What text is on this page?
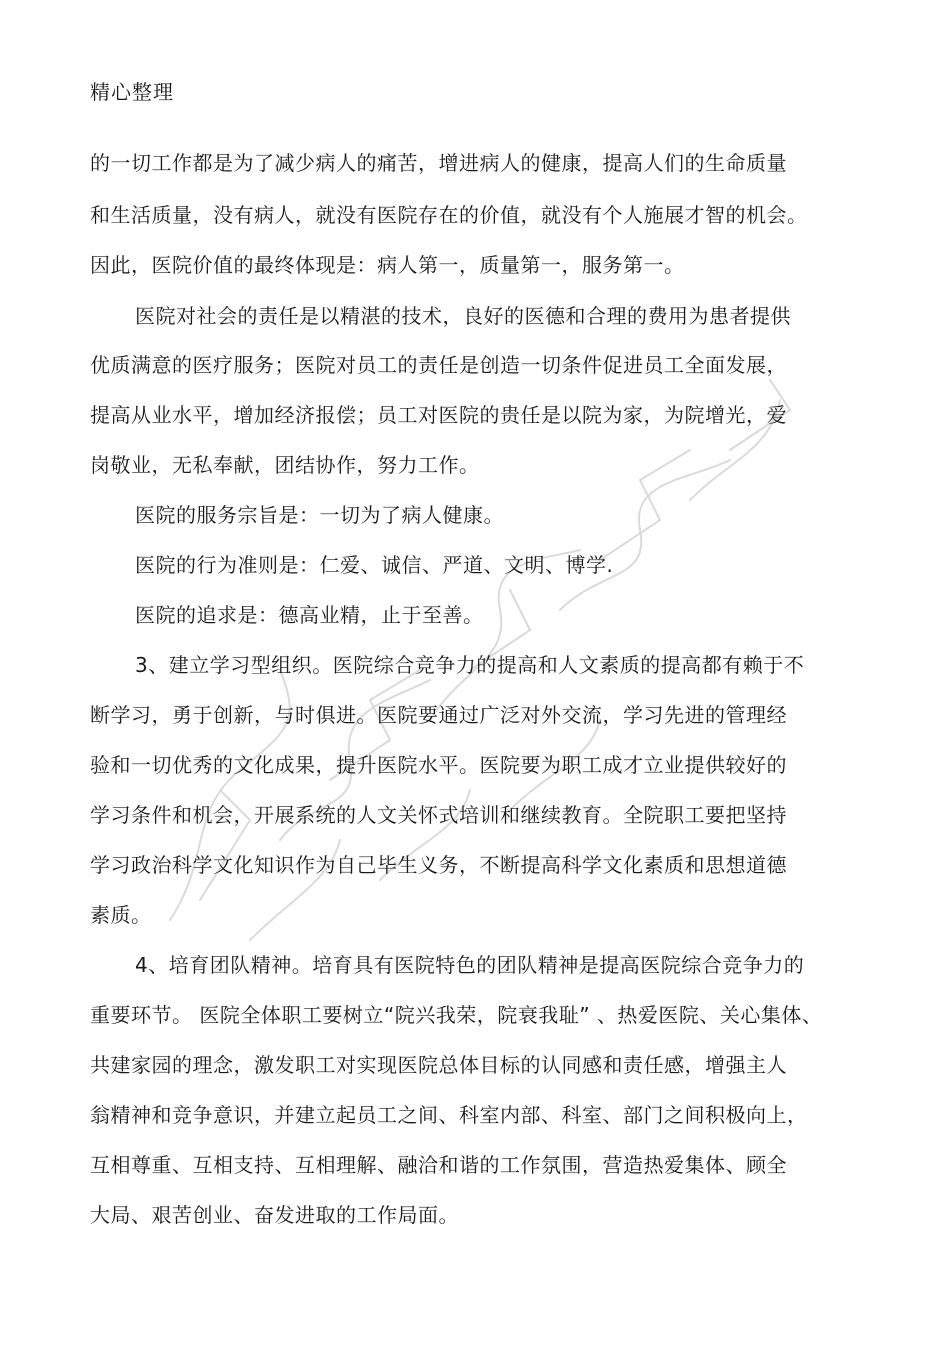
精心整理
的一切工作都是为了减少病人的痛苦，增进病人的健康，提高人们的生命质量
和生活质量，没有病人，就没有医院存在的价值，就没有个人施展才智的机会。
因此，医院价值的最终体现是：病人第一，质量第一，服务第一。
医院对社会的责任是以精湛的技术，良好的医德和合理的费用为患者提供
优质满意的医疗服务；医院对员工的责任是创造一切条件促进员工全面发展，
提高从业水平，增加经济报偿；员工对医院的贵任是以院为家，为院增光，爱
岗敬业，无私奉献，团结协作，努力工作。
医院的服务宗旨是：一切为了病人健康。
医院的行为准则是：仁爱、诚信、严道、文明、博学.
医院的追求是：德高业精，止于至善。
3、建立学习型组织。医院综合竞争力的提高和人文素质的提高都有赖于不
断学习，勇于创新，与时俱进。医院要通过广泛对外交流，学习先进的管理经
验和一切优秀的文化成果，提升医院水平。医院要为职工成才立业提供较好的
学习条件和机会，开展系统的人文关怀式培训和继续教育。全院职工要把坚持
学习政治科学文化知识作为自己毕生义务，不断提高科学文化素质和思想道德
素质。
4、培育团队精神。培育具有医院特色的团队精神是提高医院综合竞争力的
重要环节。 医院全体职工要树立“院兴我荣，院衰我耻” 、热爱医院、关心集体、
共建家园的理念，激发职工对实现医院总体目标的认同感和责任感，增强主人
翁精神和竞争意识，并建立起员工之间、科室内部、科室、部门之间积极向上，
互相尊重、互相支持、互相理解、融洽和谐的工作氛围，营造热爱集体、顾全
大局、艰苦创业、奋发进取的工作局面。
